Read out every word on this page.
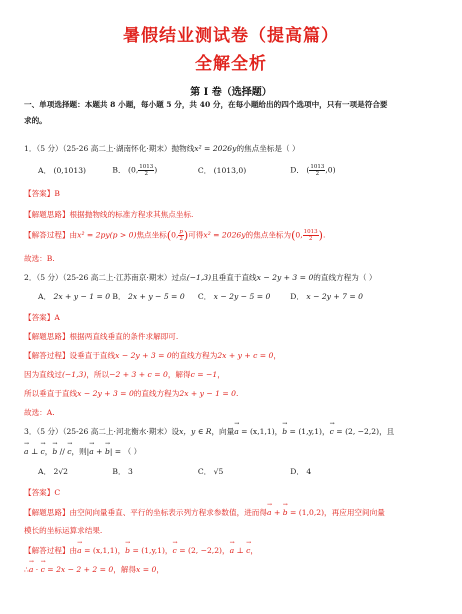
暑假结业测试卷（提高篇）
全解全析
第 I 卷（选择题）
一、单项选择题：本题共 8 小题，每小题 5 分，共 40 分，在每小题给出的四个选项中，只有一项是符合要
求的。
1．（5 分）（25-26 高二上·湖南怀化·期末）抛物线x² = 2026y的焦点坐标是（ ）
A． (0,1013)	B． (0, $\frac{1013}{2}$ )	C． (1013,0)	D． ( $\frac{1013}{2} ,0$)
【答案】B
【解题思路】根据抛物线的标准方程求其焦点坐标.
【解答过程】由x² = 2py(p > 0)焦点坐标(0, $\frac{p}{2}$ )可得x² = 2026y的焦点坐标为(0, $\frac{1013}{2}$ ).
故选：B.
2．（5 分）（25-26 高二上·江苏南京·期末）过点(−1,3)且垂直于直线x − 2y + 3 = 0的直线方程为（ ）
A． 2x + y − 1 = 0 B． 2x + y − 5 = 0 C． x − 2y − 5 = 0	D． x − 2y + 7 = 0
【答案】A
【解题思路】根据两直线垂直的条件求解即可.
【解答过程】设垂直于直线x − 2y + 3 = 0的直线方程为2x + y + c = 0，
因为直线过(−1,3)，所以−2 + 3 + c = 0，解得c = −1，
所以垂直于直线x − 2y + 3 = 0的直线方程为2x + y − 1 = 0.
故选：A.
3．（5 分）（25-26 高二上·河北衡水·期末）设x，y ∈ R，向量→ a = (x,1,1)，→ b = (1,y,1)，→ c = (2, −2,2)，且
→ a ⊥ → c，→ b // → c，则|→ a + → b| = （ ）
A． 2√2	B． 3	C． √5	D． 4
【答案】C
【解题思路】由空间向量垂直、平行的坐标表示列方程求参数值，进而得→ a + → b = (1,0,2)，再应用空间向量
模长的坐标运算求结果.
【解答过程】由→ a = (x,1,1)，→ b = (1,y,1)，→ c = (2, −2,2)，→ a ⊥ → c，
∴→ a · → c = 2x − 2 + 2 = 0，解得x = 0，
